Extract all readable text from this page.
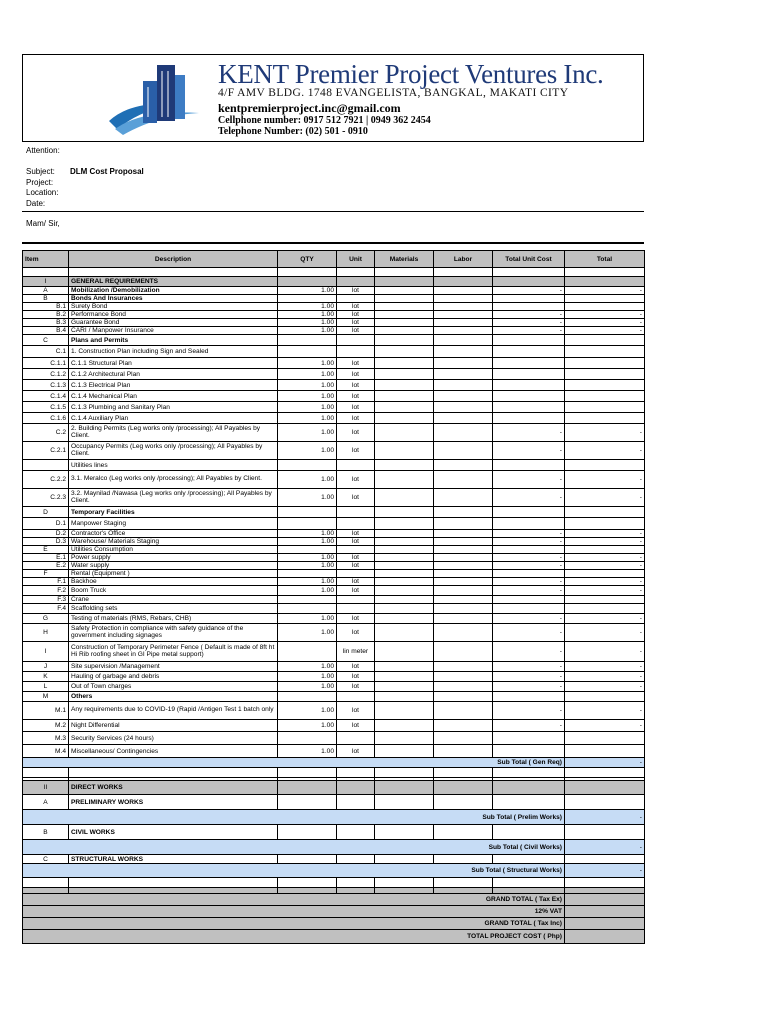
KENT Premier Project Ventures Inc.
4/F AMV BLDG. 1748 EVANGELISTA, BANGKAL, MAKATI CITY
kentpremierproject.inc@gmail.com
Cellphone number: 0917 512 7921 | 0949 362 2454
Telephone Number: (02) 501 - 0910
Attention:
Subject: DLM Cost Proposal
Project:
Location:
Date:
Mam/ Sir,
Item	Description	QTY	Unit	Materials	Labor	Total Unit Cost	Total

I	GENERAL REQUIREMENTS						
A	Mobilization /Demobilization	1.00	lot			-	-
B	Bonds And Insurances						
B.1	Surety Bond	1.00	lot				
B.2	Performance Bond	1.00	lot			-	-
B.3	Guarantee Bond	1.00	lot			-	-
B.4	CARI / Manpower Insurance	1.00	lot			-	-
C	Plans and Permits						
C.1	1. Construction Plan including Sign and Sealed						
C.1.1	C.1.1 Structural Plan	1.00	lot				
C.1.2	C.1.2 Architectural Plan	1.00	lot				
C.1.3	C.1.3 Electrical Plan	1.00	lot				
C.1.4	C.1.4 Mechanical Plan	1.00	lot				
C.1.5	C.1.3 Plumbing and Sanitary Plan	1.00	lot				
C.1.6	C.1.4 Auxiliary Plan	1.00	lot				
C.2	2. Building Permits (Leg works only /processing); All Payables by Client.	1.00	lot			-	-
C.2.1	Occupancy Permits (Leg works only /processing); All Payables by Client.	1.00	lot			-	-
	Utilities lines						
C.2.2	3.1. Meralco (Leg works only /processing); All Payables by Client.	1.00	lot			-	-
C.2.3	3.2. Maynilad /Nawasa (Leg works only /processing); All Payables by Client.	1.00	lot			-	-
D	Temporary Facilities						
D.1	Manpower Staging						
D.2	Contractor's Office	1.00	lot			-	-
D.3	Warehouse/ Materials Staging	1.00	lot			-	-
E	Utilities Consumption						
E.1	Power supply	1.00	lot			-	-
E.2	Water supply	1.00	lot			-	-
F	Rental (Equipment )						
F.1	Backhoe	1.00	lot			-	-
F.2	Boom Truck	1.00	lot			-	-
F.3	Crane						
F.4	Scaffolding sets						
G	Testing of materials (RMS, Rebars, CHB)	1.00	lot			-	-
H	Safety Protection in compliance with safety guidance of the government including signages	1.00	lot			-	-
I	Construction of Temporary Perimeter Fence ( Default is made of 8ft ht Hi Rib roofing sheet in GI Pipe metal support)		lin meter			-	-
J	Site supervision /Management	1.00	lot			-	-
K	Hauling of garbage and debris	1.00	lot			-	-
L	Out of Town charges	1.00	lot			-	-
M	Others						
M.1	Any requirements due to COVID-19 (Rapid /Antigen Test 1 batch only	1.00	lot			-	-
M.2	Night Differential	1.00	lot			-	-
M.3	Security Services (24 hours)						
M.4	Miscellaneous/ Contingencies	1.00	lot				
Sub Total ( Gen Req)							-

II	DIRECT WORKS						
A	PRELIMINARY WORKS						
Sub Total ( Prelim Works)							-
B	CIVIL WORKS						
Sub Total ( Civil Works)							-
C	STRUCTURAL WORKS						
Sub Total ( Structural Works)							-

GRAND TOTAL ( Tax Ex)							
12% VAT							
GRAND TOTAL ( Tax Inc)							
TOTAL PROJECT COST ( Php)							
